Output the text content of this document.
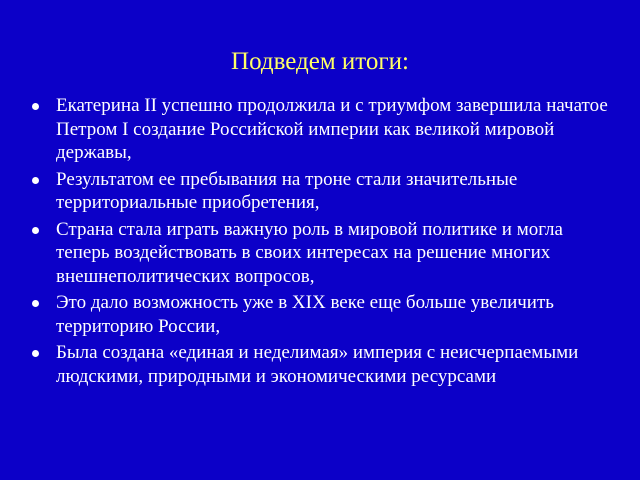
Подведем итоги:
Екатерина II успешно продолжила и с триумфом завершила начатое Петром I создание Российской империи как великой мировой державы,
Результатом ее пребывания на троне стали значительные территориальные приобретения,
Страна стала играть важную роль в мировой политике и могла теперь воздействовать в своих интересах на решение многих внешнеполитических вопросов,
Это дало возможность уже в XIX веке еще больше увеличить территорию России,
Была создана «единая и неделимая» империя с неисчерпаемыми людскими, природными и экономическими ресурсами
